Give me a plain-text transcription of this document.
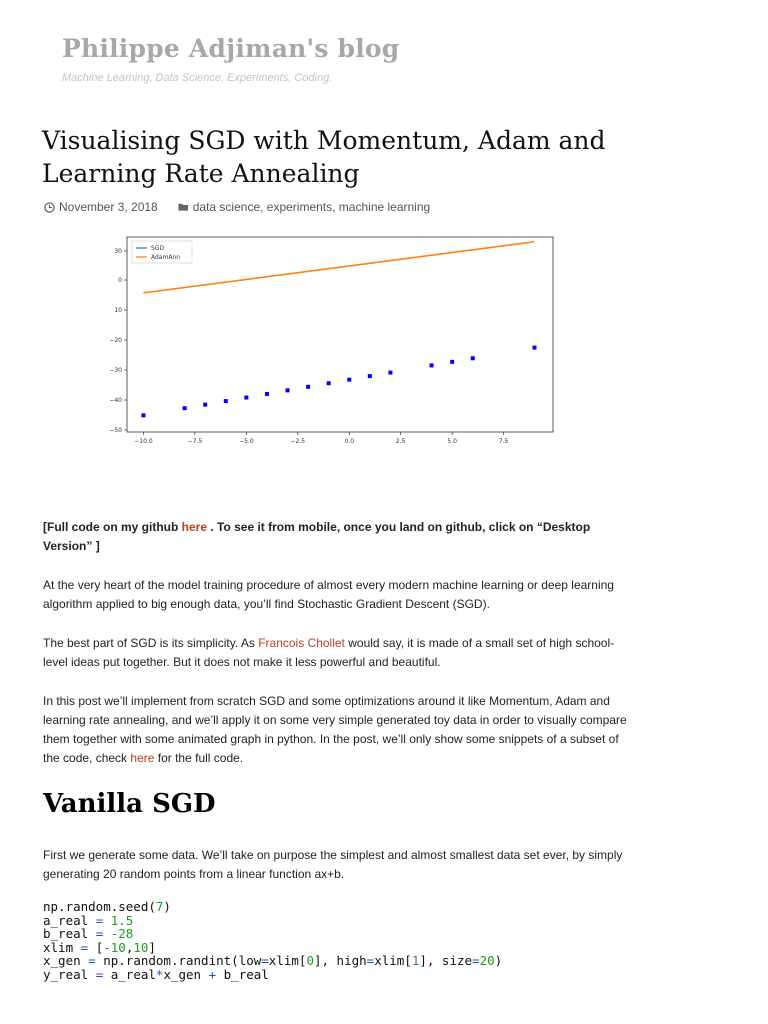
Philippe Adjiman's blog
Machine Learning, Data Science, Experiments, Coding.
Visualising SGD with Momentum, Adam and Learning Rate Annealing
November 3, 2018	data science, experiments, machine learning
−10.0	−7.5	−5.0	−2.5	0.0	2.5	5.0	7.5
30
0
10
−20
−30
−40
−50
SGD
AdamAnn

[Full code on my github here . To see it from mobile, once you land on github, click on “Desktop Version” ]

At the very heart of the model training procedure of almost every modern machine learning or deep learning algorithm applied to big enough data, you’ll find Stochastic Gradient Descent (SGD).

The best part of SGD is its simplicity. As Francois Chollet would say, it is made of a small set of high school-level ideas put together. But it does not make it less powerful and beautiful.

In this post we’ll implement from scratch SGD and some optimizations around it like Momentum, Adam and learning rate annealing, and we’ll apply it on some very simple generated toy data in order to visually compare them together with some animated graph in python. In the post, we’ll only show some snippets of a subset of the code, check here for the full code.

Vanilla SGD

First we generate some data. We’ll take on purpose the simplest and almost smallest data set ever, by simply generating 20 random points from a linear function ax+b.

np.random.seed(7)
a_real = 1.5
b_real = -28
xlim = [-10,10]
x_gen = np.random.randint(low=xlim[0], high=xlim[1], size=20)
y_real = a_real*x_gen + b_real
